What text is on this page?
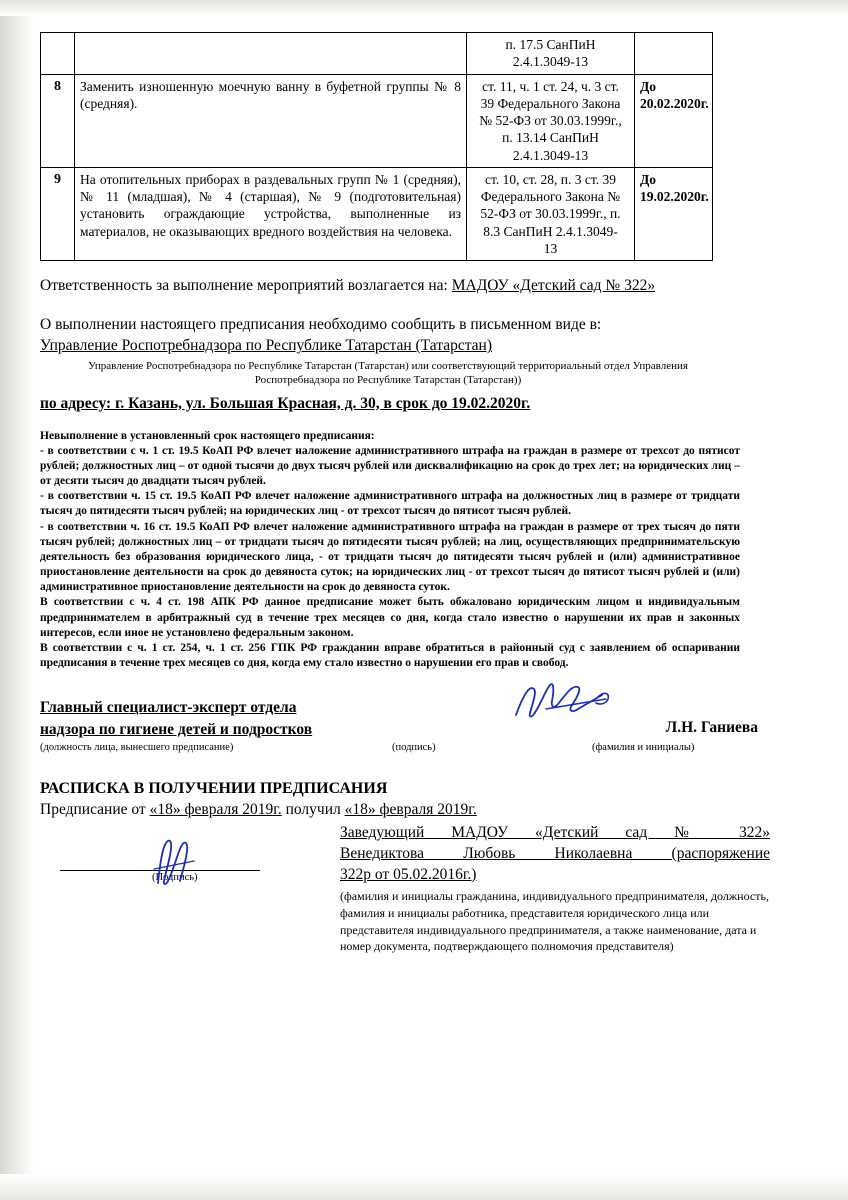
		п. 17.5 СанПиН
2.4.1.3049-13	

8	Заменить изношенную моечную ванну в буфетной группы № 8 (средняя).	ст. 11, ч. 1 ст. 24, ч. 3 ст.
39 Федерального Закона
№ 52-ФЗ от 30.03.1999г.,
п. 13.14 СанПиН
2.4.1.3049-13	До 20.02.2020г.
9	На отопительных приборах в раздевальных групп № 1 (средняя), № 11 (младшая), № 4 (старшая), № 9 (подготовительная) установить ограждающие устройства, выполненные из материалов, не оказывающих вредного воздействия на человека.	
ст. 10, ст. 28, п. 3 ст. 39
Федерального Закона №
52-ФЗ от 30.03.1999г., п.
8.3 СанПиН 2.4.1.3049-
13
	До 19.02.2020г.
Ответственность за выполнение мероприятий возлагается на: МАДОУ «Детский сад № 322»
О выполнении настоящего предписания необходимо сообщить в письменном виде в:
Управление Роспотребнадзора по Республике Татарстан (Татарстан)
Управление Роспотребнадзора по Республике Татарстан (Татарстан) или соответствующий территориальный отдел Управления Роспотребнадзора по Республике Татарстан (Татарстан))
по адресу: г. Казань, ул. Большая Красная, д. 30, в срок до 19.02.2020г.

Невыполнение в установленный срок настоящего предписания:

- в соответствии с ч. 1 ст. 19.5 КоАП РФ влечет наложение административного штрафа на граждан в размере от трехсот до пятисот рублей; должностных лиц – от одной тысячи до двух тысяч рублей или дисквалификацию на срок до трех лет; на юридических лиц – от десяти тысяч до двадцати тысяч рублей.

- в соответствии ч. 15 ст. 19.5 КоАП РФ влечет наложение административного штрафа на должностных лиц в размере от тридцати тысяч до пятидесяти тысяч рублей; на юридических лиц - от трехсот тысяч до пятисот тысяч рублей.

- в соответствии ч. 16 ст. 19.5 КоАП РФ влечет наложение административного штрафа на граждан в размере от трех тысяч до пяти тысяч рублей; должностных лиц – от тридцати тысяч до пятидесяти тысяч рублей; на лиц, осуществляющих предпринимательскую деятельность без образования юридического лица, - от тридцати тысяч до пятидесяти тысяч рублей и (или) административное приостановление деятельности на срок до девяноста суток; на юридических лиц - от трехсот тысяч до пятисот тысяч рублей и (или) административное приостановление деятельности на срок до девяноста суток.

В соответствии с ч. 4 ст. 198 АПК РФ данное предписание может быть обжаловано юридическим лицом и индивидуальным предпринимателем в арбитражный суд в течение трех месяцев со дня, когда стало известно о нарушении их прав и законных интересов, если иное не установлено федеральным законом.

В соответствии с ч. 1 ст. 254, ч. 1 ст. 256 ГПК РФ гражданин вправе обратиться в районный суд с заявлением об оспаривании предписания в течение трех месяцев со дня, когда ему стало известно о нарушении его прав и свобод.

Главный специалист-эксперт отдела
надзора по гигиене детей и подростков	Л.Н. Ганиева
(должность лица, вынесшего предписание)	(подпись)	(фамилия и инициалы)
РАСПИСКА В ПОЛУЧЕНИИ ПРЕДПИСАНИЯ
Предписание от «18» февраля 2019г. получил «18» февраля 2019г.
Заведующий МАДОУ «Детский сад № 322»
Венедиктова Любовь Николаевна (распоряжение
322р от 05.02.2016г.)
(фамилия и инициалы гражданина, индивидуального предпринимателя, должность, фамилия и инициалы работника, представителя юридического лица или представителя индивидуального предпринимателя, а также наименование, дата и номер документа, подтверждающего полномочия представителя)
(Подпись)
